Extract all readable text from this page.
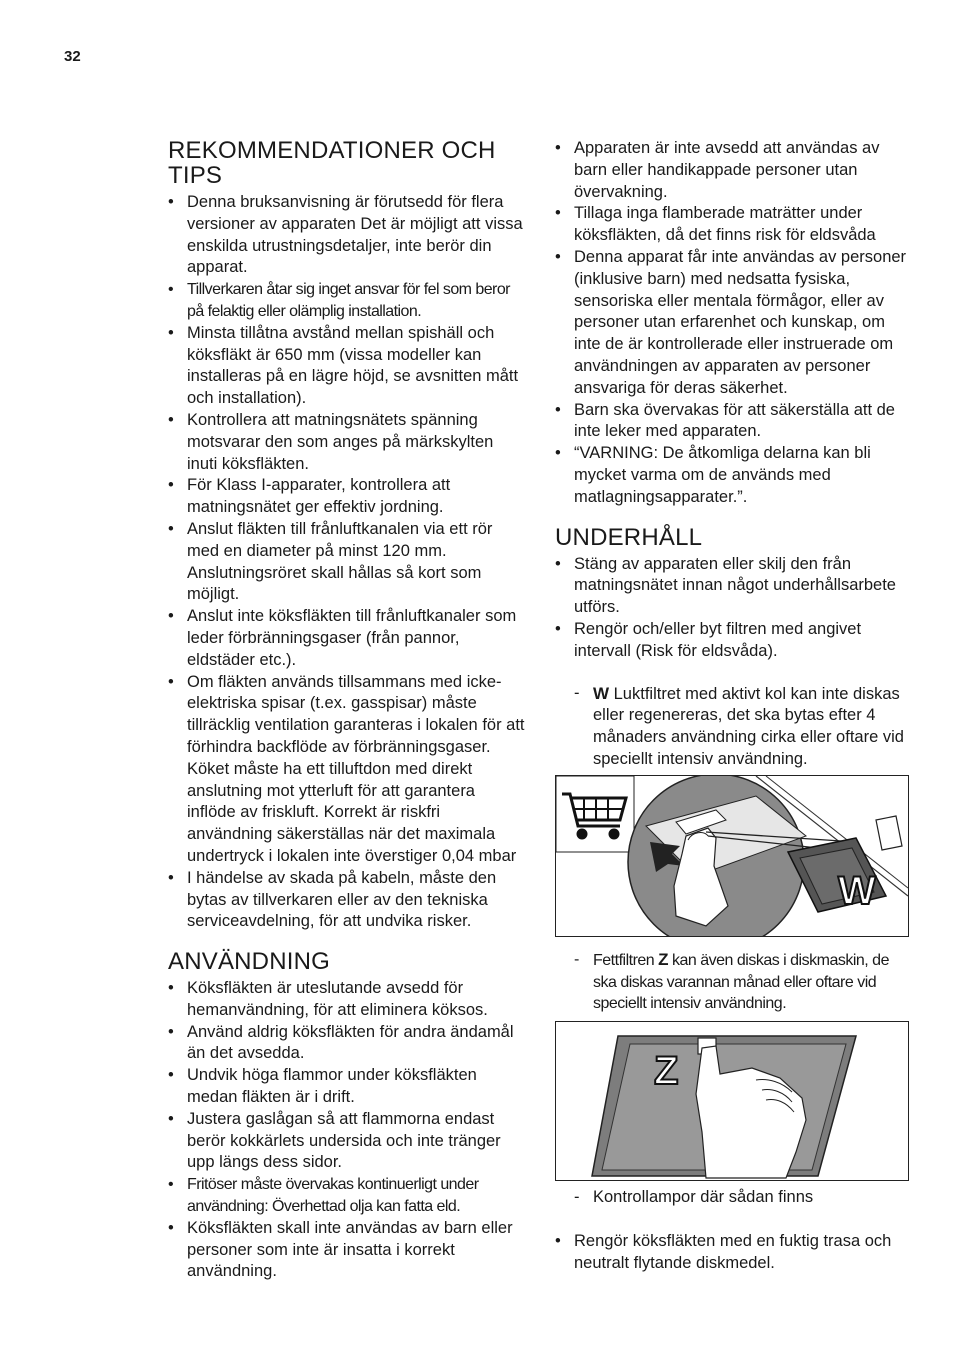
32
REKOMMENDATIONER OCH TIPS
• Denna bruksanvisning är förutsedd för flera versioner av apparaten Det är möjligt att vissa enskilda utrustningsdetaljer, inte berör din apparat.
• Tillverkaren åtar sig inget ansvar för fel som beror på felaktig eller olämplig installation.
• Minsta tillåtna avstånd mellan spishäll och köksfläkt är 650 mm (vissa modeller kan installeras på en lägre höjd, se avsnitten mått och installation).
• Kontrollera att matningsnätets spänning motsvarar den som anges på märkskylten inuti köksfläkten.
• För Klass I-apparater, kontrollera att matningsnätet ger effektiv jordning.
• Anslut fläkten till frånluftkanalen via ett rör med en diameter på minst 120 mm. Anslutningsröret skall hållas så kort som möjligt.
• Anslut inte köksfläkten till frånluftkanaler som leder förbränningsgaser (från pannor, eldstäder etc.).
• Om fläkten används tillsammans med icke-elektriska spisar (t.ex. gasspisar) måste tillräcklig ventilation garanteras i lokalen för att förhindra backflöde av förbränningsgaser. Köket måste ha ett tilluftdon med direkt anslutning mot ytterluft för att garantera inflöde av friskluft. Korrekt är riskfri användning säkerställas när det maximala undertryck i lokalen inte överstiger 0,04 mbar
• I händelse av skada på kabeln, måste den bytas av tillverkaren eller av den tekniska serviceavdelning, för att undvika risker.
ANVÄNDNING
• Köksfläkten är uteslutande avsedd för hemanvändning, för att eliminera köksos.
• Använd aldrig köksfläkten för andra ändamål än det avsedda.
• Undvik höga flammor under köksfläkten medan fläkten är i drift.
• Justera gaslågan så att flammorna endast berör kokkärlets undersida och inte tränger upp längs dess sidor.
• Fritöser måste övervakas kontinuerligt under användning: Överhettad olja kan fatta eld.
• Köksfläkten skall inte användas av barn eller personer som inte är insatta i korrekt användning.
• Apparaten är inte avsedd att användas av barn eller handikappade personer utan övervakning.
• Tillaga inga flamberade maträtter under köksfläkten, då det finns risk för eldsvåda
• Denna apparat får inte användas av personer (inklusive barn) med nedsatta fysiska, sensoriska eller mentala förmågor, eller av personer utan erfarenhet och kunskap, om inte de är kontrollerade eller instruerade om användningen av apparaten av personer ansvariga för deras säkerhet.
• Barn ska övervakas för att säkerställa att de inte leker med apparaten.
• “VARNING: De åtkomliga delarna kan bli mycket varma om de används med matlagningsapparater.”.
UNDERHÅLL
• Stäng av apparaten eller skilj den från matningsnätet innan något underhållsarbete utförs.
• Rengör och/eller byt filtren med angivet intervall (Risk för eldsvåda).
- W Luktfiltret med aktivt kol kan inte diskas eller regenereras, det ska bytas efter 4 månaders användning cirka eller oftare vid speciellt intensiv användning.
W
- Fettfiltren Z kan även diskas i diskmaskin, de ska diskas varannan månad eller oftare vid speciellt intensiv användning.
Z
- Kontrollampor där sådan finns
• Rengör köksfläkten med en fuktig trasa och neutralt flytande diskmedel.
